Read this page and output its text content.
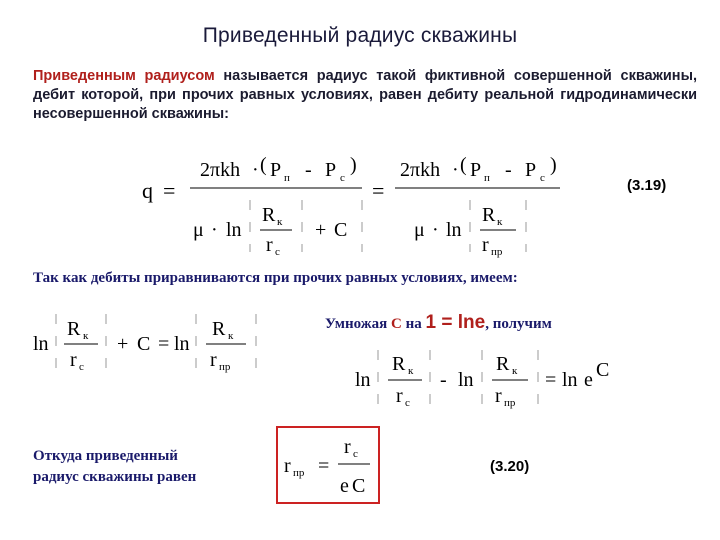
Приведенный радиус скважины
Приведенным радиусом называется радиус такой фиктивной совершенной скважины, дебит которой, при прочих равных условиях, равен дебиту реальной гидродинамически несовершенной скважины:
q =
2πkh · ( P п - P с
)
μ · ln
R к
r с
+ C
=
2πkh · ( P п - P с
)
μ · ln
R к
r пр
(3.19)
Так как дебиты приравниваются при прочих равных условиях, имеем:
ln
R к
r с
+ C = ln
R к
r пр
Умножая С на 1 = lne, получим
ln
R к
r с
- ln
R к
r пр
= ln e C
Откуда приведенный
радиус скважины равен	r пр =
r с
e C
(3.20)
